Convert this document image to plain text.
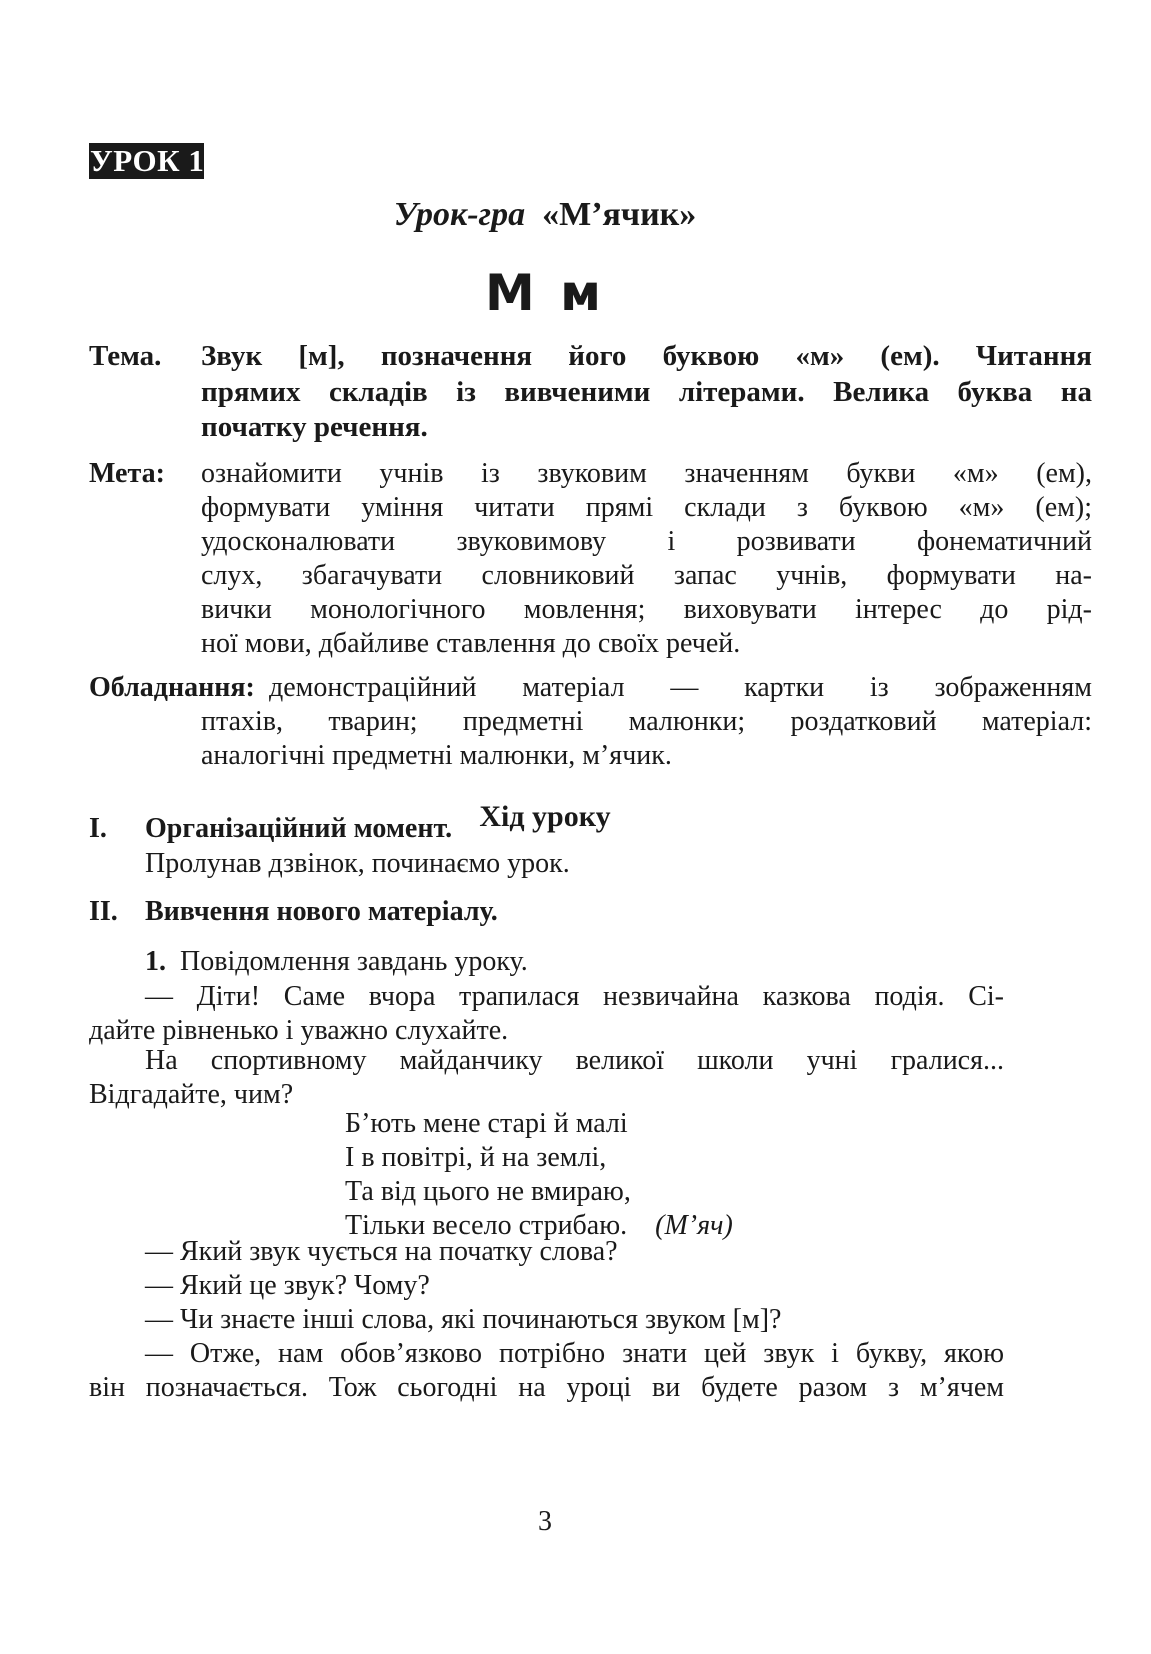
УРОК 1
Урок-гра «М’ячик»
М м
Тема. Звук [м], позначення його буквою «м» (ем). Читання
прямих складів із вивченими літерами. Велика буква на
початку речення.
Мета: ознайомити учнів із звуковим значенням букви «м» (ем),
формувати уміння читати прямі склади з буквою «м» (ем);
удосконалювати звуковимову і розвивати фонематичний
слух, збагачувати словниковий запас учнів, формувати на-
вички монологічного мовлення; виховувати інтерес до рід-
ної мови, дбайливе ставлення до своїх речей.
Обладнання: демонстраційний матеріал — картки із зображенням
птахів, тварин; предметні малюнки; роздатковий матеріал:
аналогічні предметні малюнки, м’ячик.
Хід уроку
I. Організаційний момент.
Пролунав дзвінок, починаємо урок.
II. Вивчення нового матеріалу.
1. Повідомлення завдань уроку.
— Діти! Саме вчора трапилася незвичайна казкова подія. Сі-
дайте рівненько і уважно слухайте.
На спортивному майданчику великої школи учні гралися...
Відгадайте, чим?
Б’ють мене старі й малі
І в повітрі, й на землі,
Та від цього не вмираю,
Тільки весело стрибаю. (М’яч)
— Який звук чується на початку слова?
— Який це звук? Чому?
— Чи знаєте інші слова, які починаються звуком [м]?
— Отже, нам обов’язково потрібно знати цей звук і букву, якою
він позначається. Тож сьогодні на уроці ви будете разом з м’ячем
3
